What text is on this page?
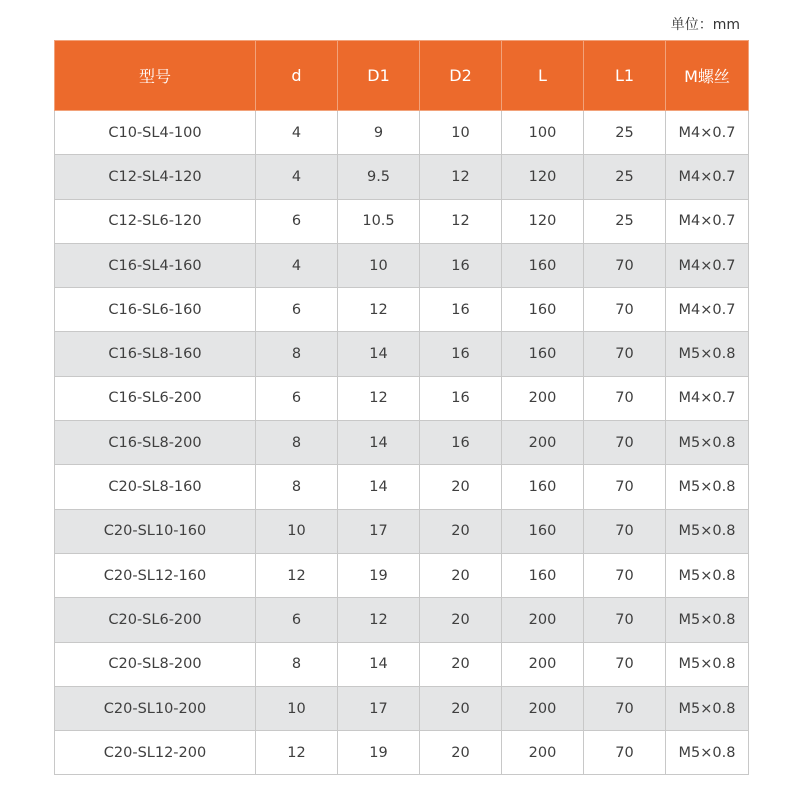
单位：mm
型号	d	D1	D2	L	L1	M螺丝
C10-SL4-100	4	9	10	100	25	M4×0.7
C12-SL4-120	4	9.5	12	120	25	M4×0.7
C12-SL6-120	6	10.5	12	120	25	M4×0.7
C16-SL4-160	4	10	16	160	70	M4×0.7
C16-SL6-160	6	12	16	160	70	M4×0.7
C16-SL8-160	8	14	16	160	70	M5×0.8
C16-SL6-200	6	12	16	200	70	M4×0.7
C16-SL8-200	8	14	16	200	70	M5×0.8
C20-SL8-160	8	14	20	160	70	M5×0.8
C20-SL10-160	10	17	20	160	70	M5×0.8
C20-SL12-160	12	19	20	160	70	M5×0.8
C20-SL6-200	6	12	20	200	70	M5×0.8
C20-SL8-200	8	14	20	200	70	M5×0.8
C20-SL10-200	10	17	20	200	70	M5×0.8
C20-SL12-200	12	19	20	200	70	M5×0.8
